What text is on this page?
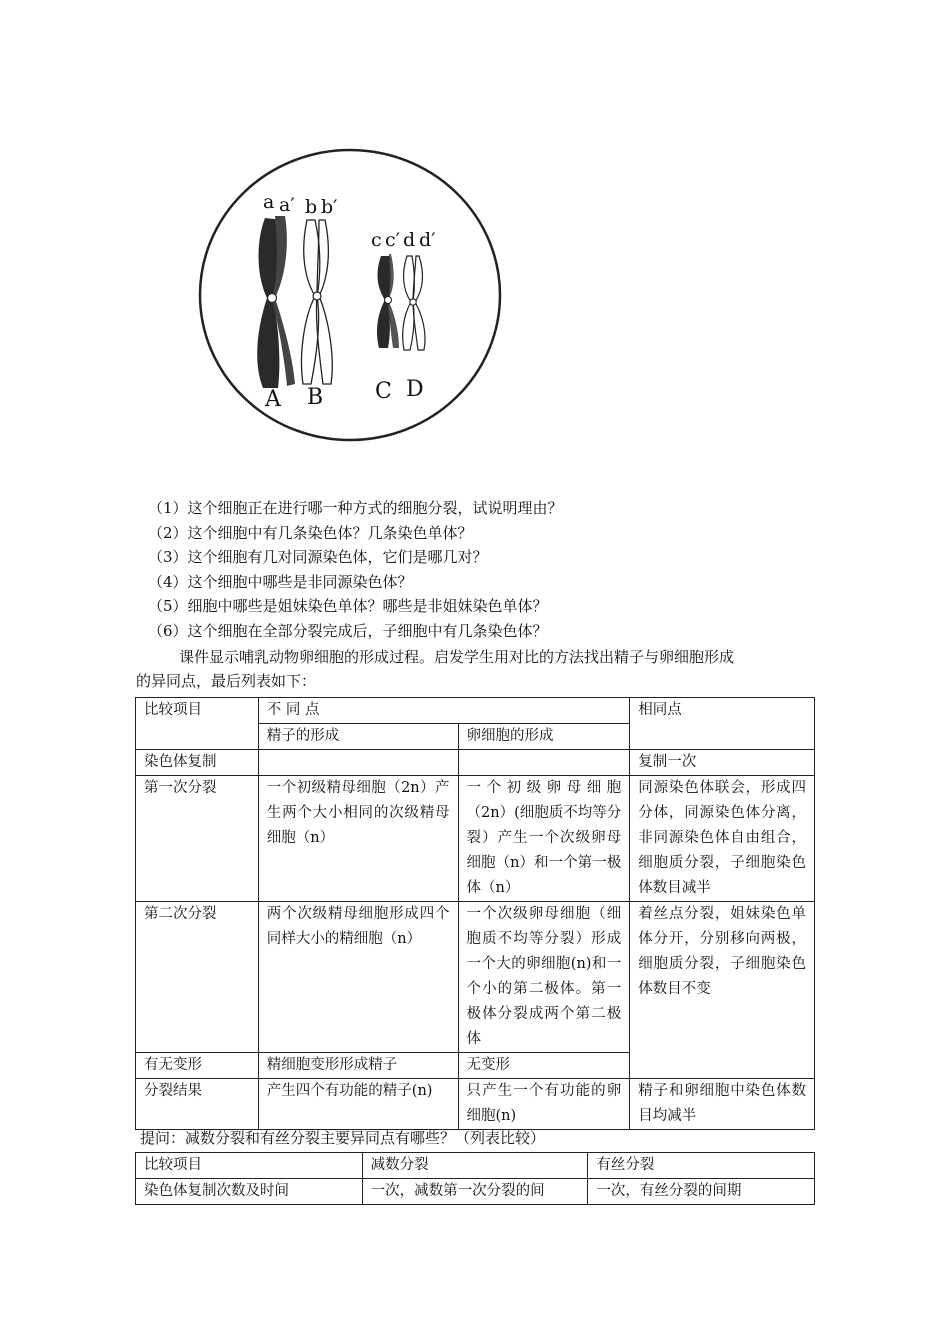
a a′ b b′
c c′ d d′
A B C D
（1）这个细胞正在进行哪一种方式的细胞分裂，试说明理由？
（2）这个细胞中有几条染色体？几条染色单体？
（3）这个细胞有几对同源染色体，它们是哪几对？
（4）这个细胞中哪些是非同源染色体？
（5）细胞中哪些是姐妹染色单体？哪些是非姐妹染色单体？
（6）这个细胞在全部分裂完成后，子细胞中有几条染色体？
课件显示哺乳动物卵细胞的形成过程。启发学生用对比的方法找出精子与卵细胞形成
的异同点，最后列表如下：
比较项目	不 同 点		相同点
	精子的形成	卵细胞的形成	
染色体复制			复制一次
第一次分裂	一个初级精母细胞（2n）产生两个大小相同的次级精母细胞（n）	一个初级卵母细胞（2n）(细胞质不均等分裂）产生一个次级卵母细胞（n）和一个第一极体（n）	同源染色体联会，形成四分体，同源染色体分离，非同源染色体自由组合，细胞质分裂，子细胞染色体数目减半
第二次分裂	两个次级精母细胞形成四个同样大小的精细胞（n）	一个次级卵母细胞（细胞质不均等分裂）形成一个大的卵细胞(n)和一个小的第二极体。第一极体分裂成两个第二极体	着丝点分裂，姐妹染色单体分开，分别移向两极，细胞质分裂，子细胞染色体数目不变
有无变形	精细胞变形形成精子	无变形	
分裂结果	产生四个有功能的精子(n)	只产生一个有功能的卵细胞(n)	精子和卵细胞中染色体数目均减半
提问：减数分裂和有丝分裂主要异同点有哪些？（列表比较）
比较项目	减数分裂	有丝分裂
染色体复制次数及时间	一次，减数第一次分裂的间	一次，有丝分裂的间期
